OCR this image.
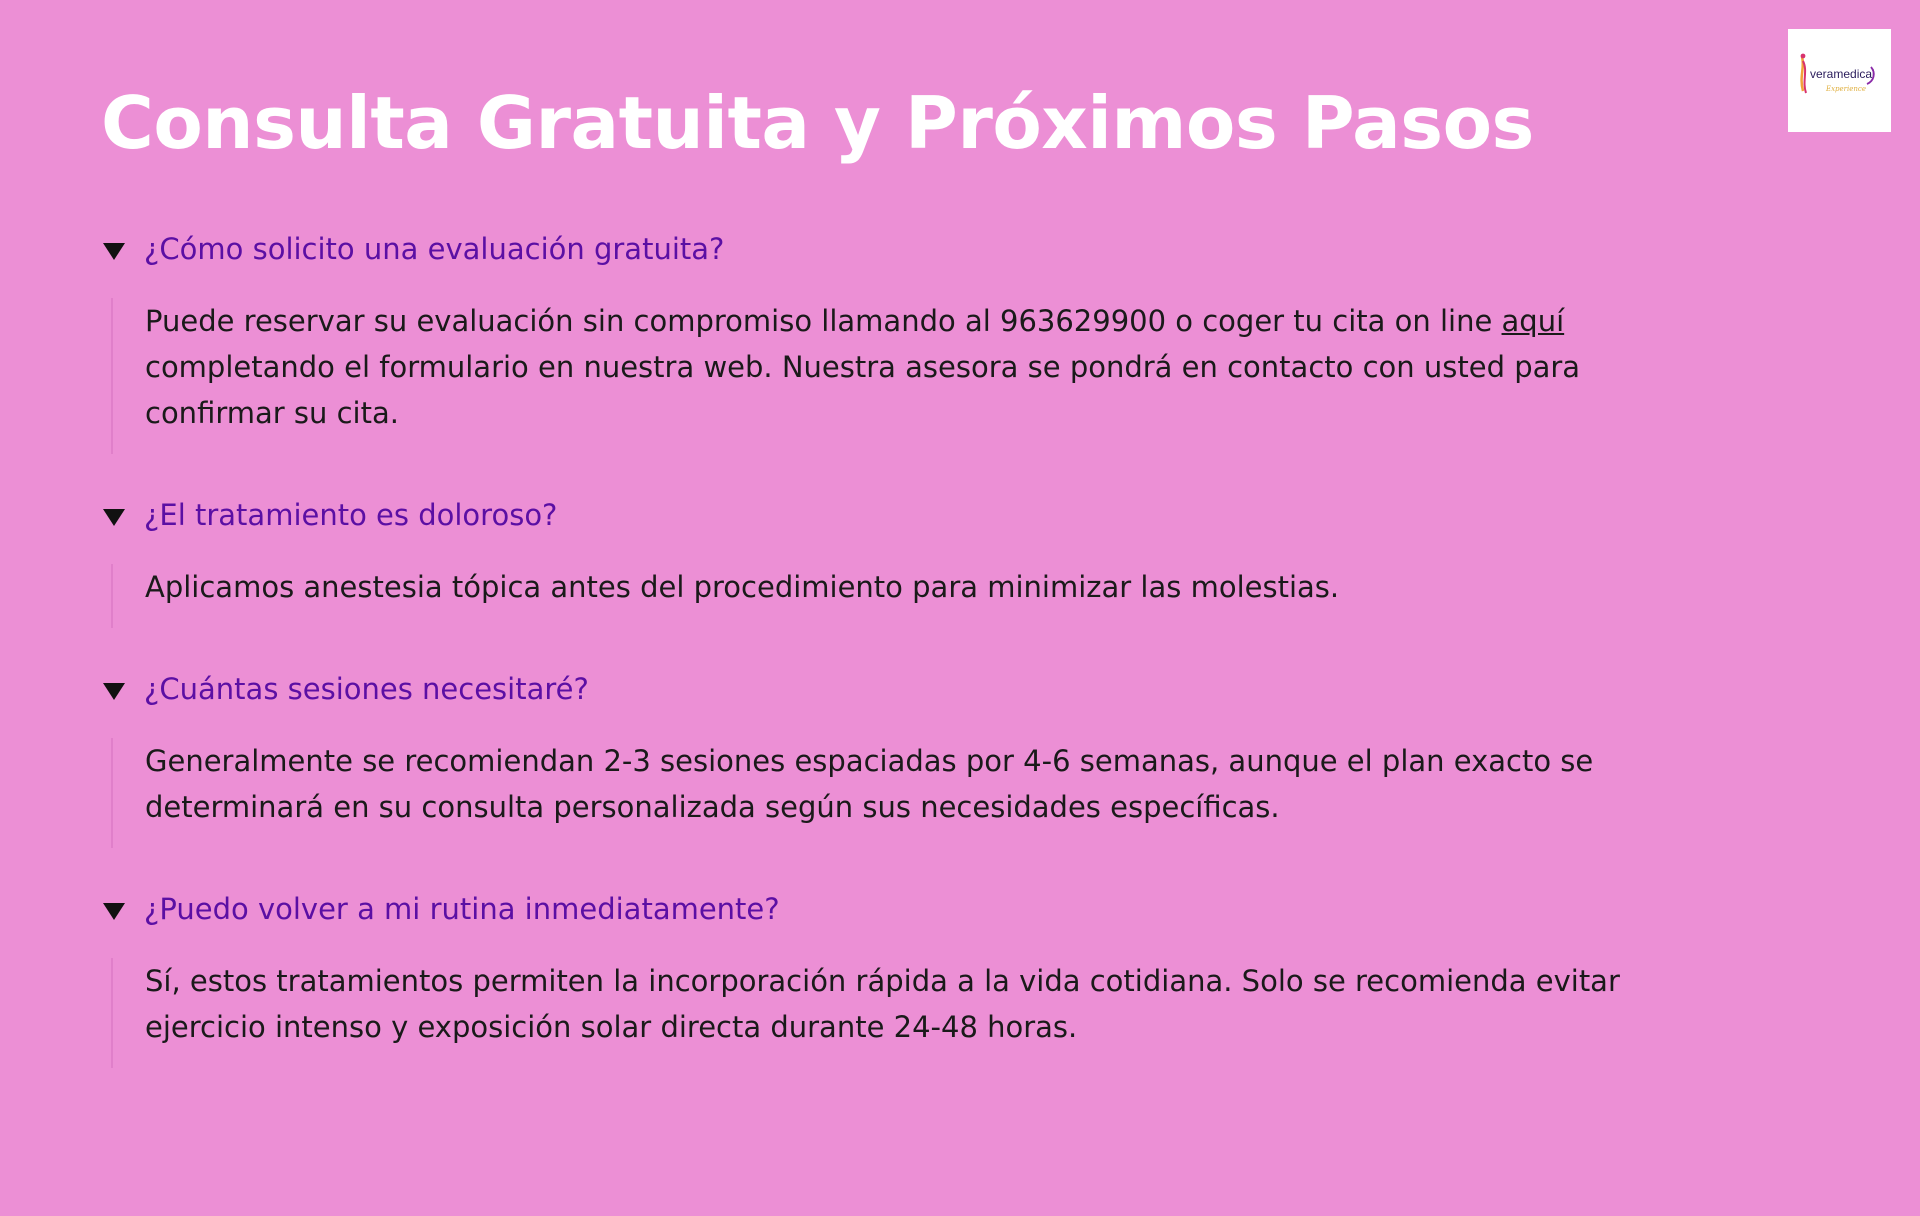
Consulta Gratuita y Próximos Pasos
veramedical
Experience
¿Cómo solicito una evaluación gratuita?
Puede reservar su evaluación sin compromiso llamando al 963629900 o coger tu cita on line aquí
completando el formulario en nuestra web. Nuestra asesora se pondrá en contacto con usted para
confirmar su cita.
¿El tratamiento es doloroso?
Aplicamos anestesia tópica antes del procedimiento para minimizar las molestias.
¿Cuántas sesiones necesitaré?
Generalmente se recomiendan 2-3 sesiones espaciadas por 4-6 semanas, aunque el plan exacto se
determinará en su consulta personalizada según sus necesidades específicas.
¿Puedo volver a mi rutina inmediatamente?
Sí, estos tratamientos permiten la incorporación rápida a la vida cotidiana. Solo se recomienda evitar
ejercicio intenso y exposición solar directa durante 24-48 horas.
